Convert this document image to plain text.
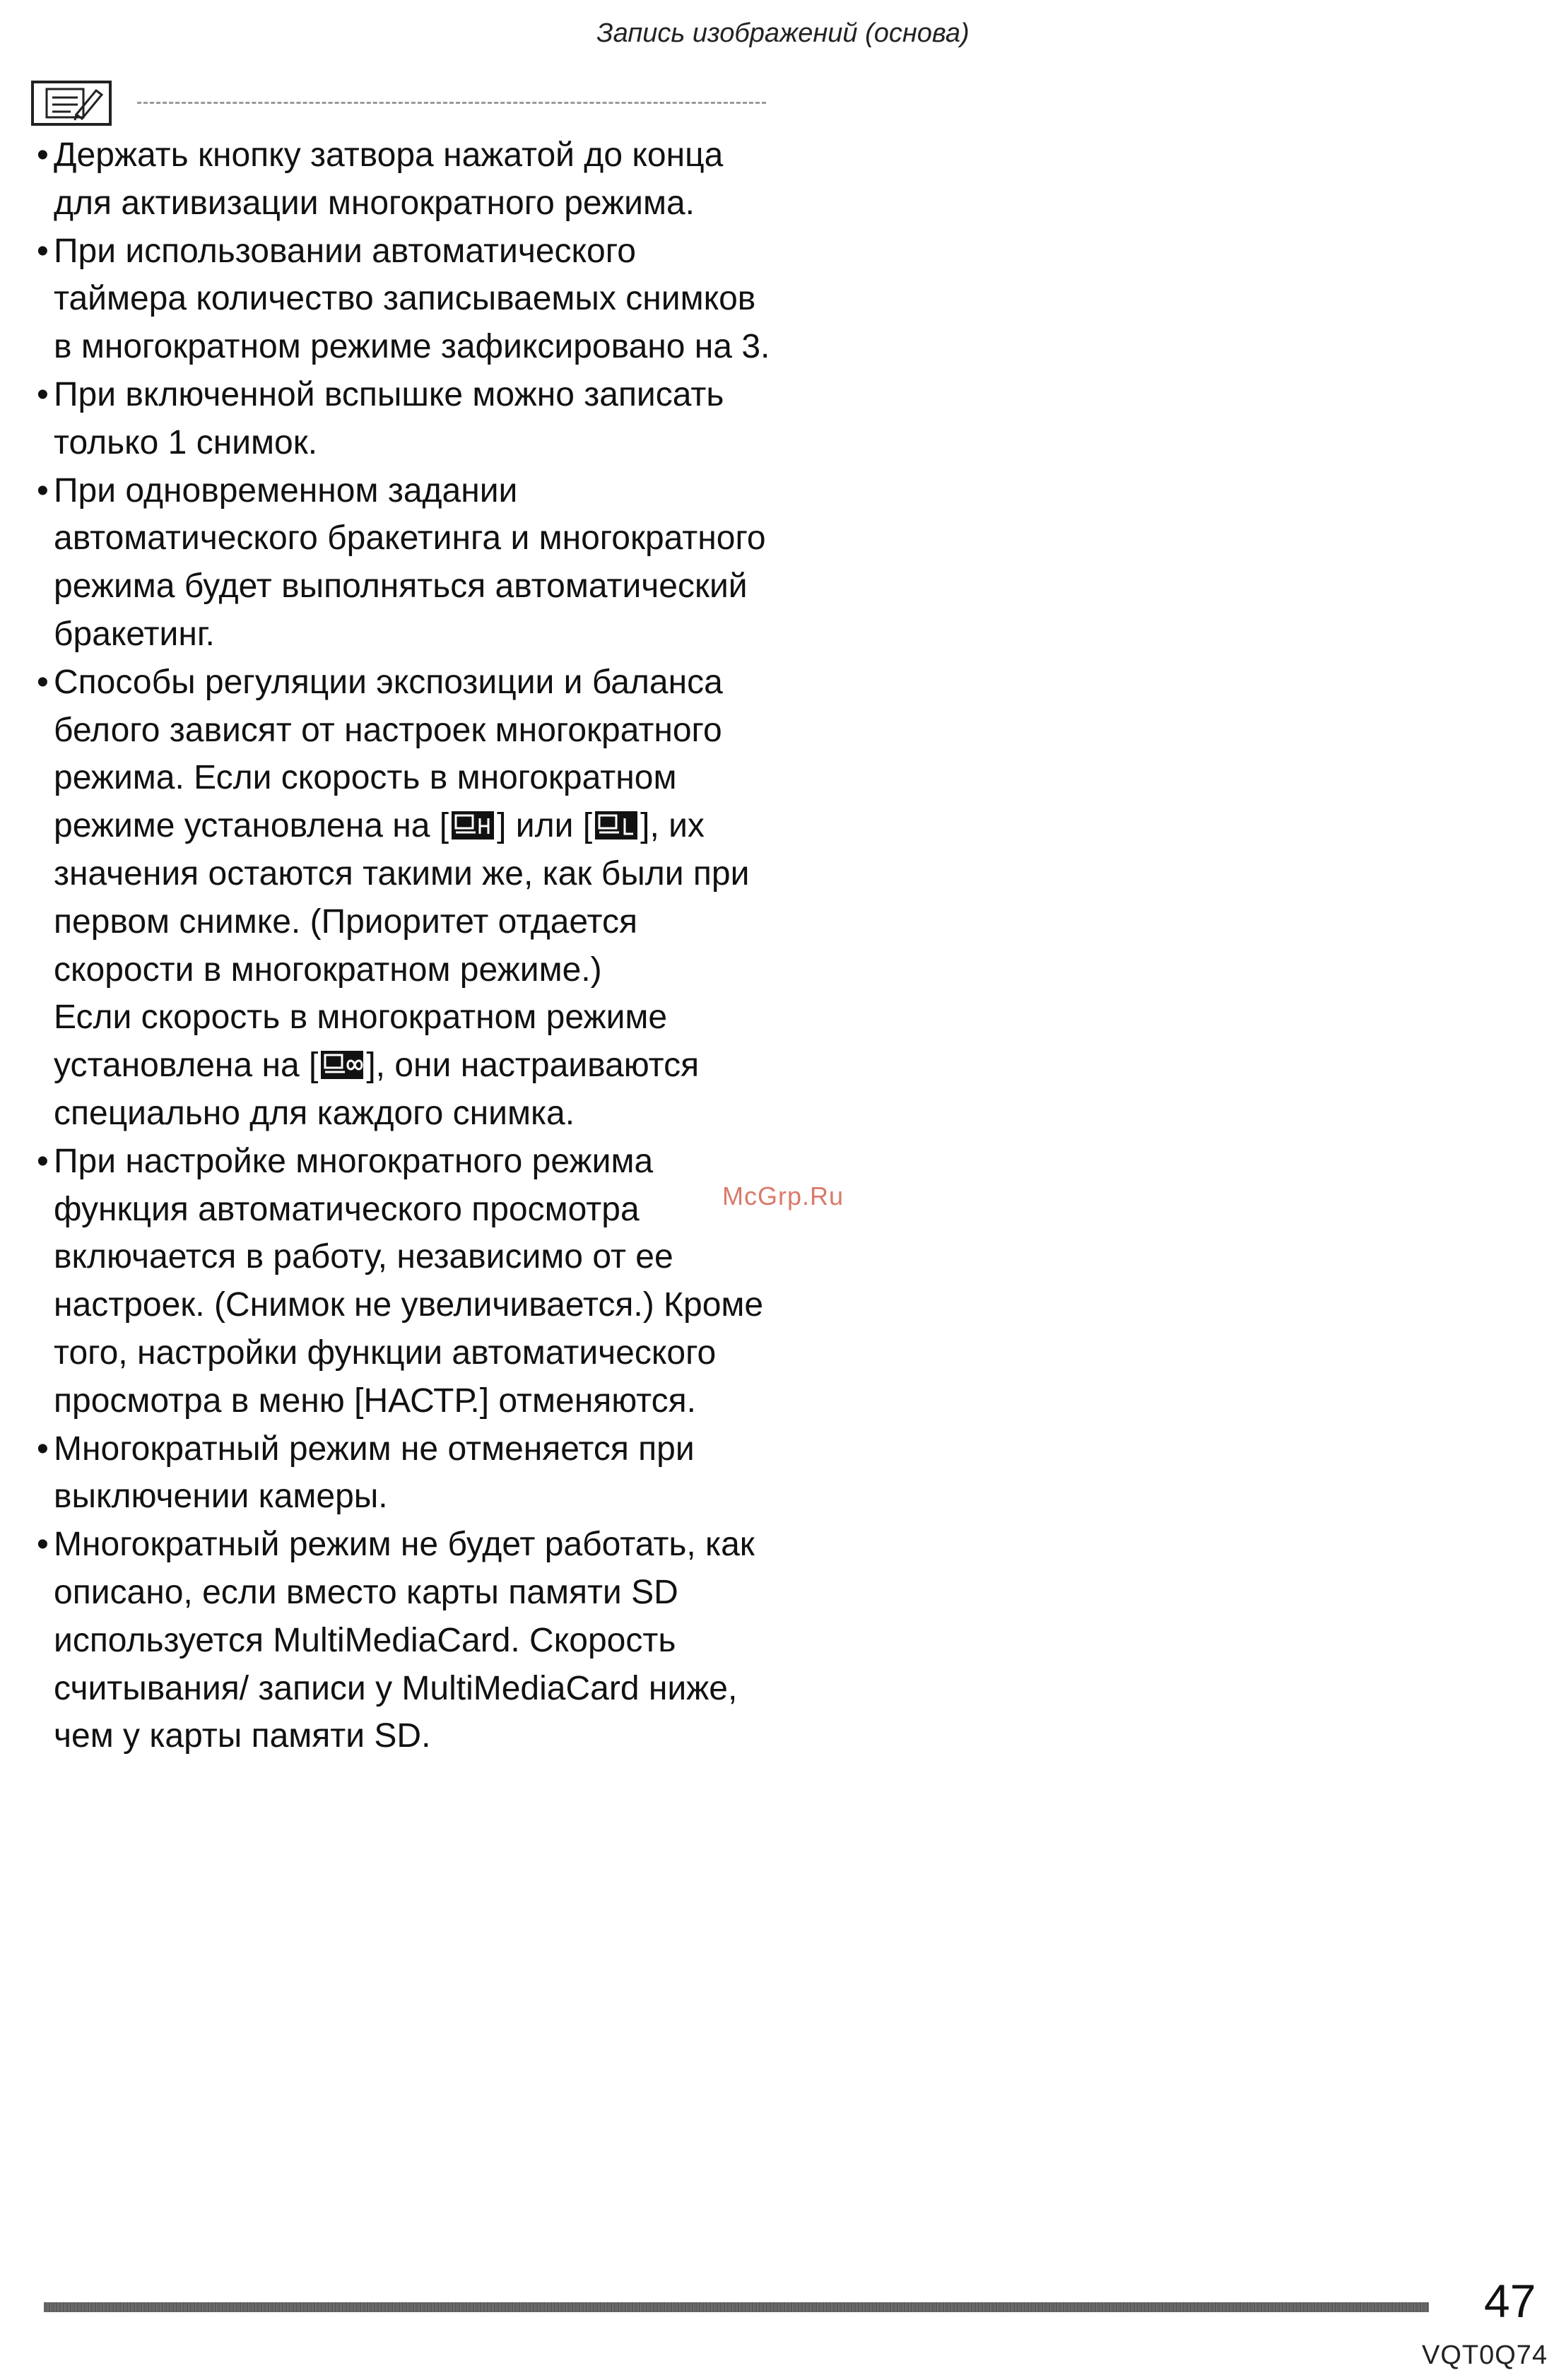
Запись изображений (основа)
• Держать кнопку затвора нажатой до конца для активизации многократного режима.

• При использовании автоматического таймера количество записываемых снимков в многократном режиме зафиксировано на 3.

• При включенной вспышке можно записать только 1 снимок.

• При одновременном задании автоматического бракетинга и многократного режима будет выполняться автоматический брaкетинг.

• Способы регуляции экспозиции и баланса белого зависят от настроек многократного режима. Если скорость в многократном режиме установлена на [ ] или [ ], их значения остаются такими же, как были при первом снимке. (Приоритет отдается скорости в многократном режиме.)
Если скорость в многократном режиме установлена на [ ], они настраиваются специально для каждого снимка.

• При настройке многократного режима функция автоматического просмотра включается в работу, независимо от ее настроек. (Снимок не увеличивается.) Кроме того, настройки функции автоматического просмотра в меню [НАСТР.] отменяются.

• Многократный режим не отменяется при выключении камеры.

• Многократный режим не будет работать, как описано, если вместо карты памяти SD используется MultiMediaCard. Скорость считывания/ записи у MultiMediaCard ниже, чем у карты памяти SD.

McGrp.Ru
47
VQT0Q74
